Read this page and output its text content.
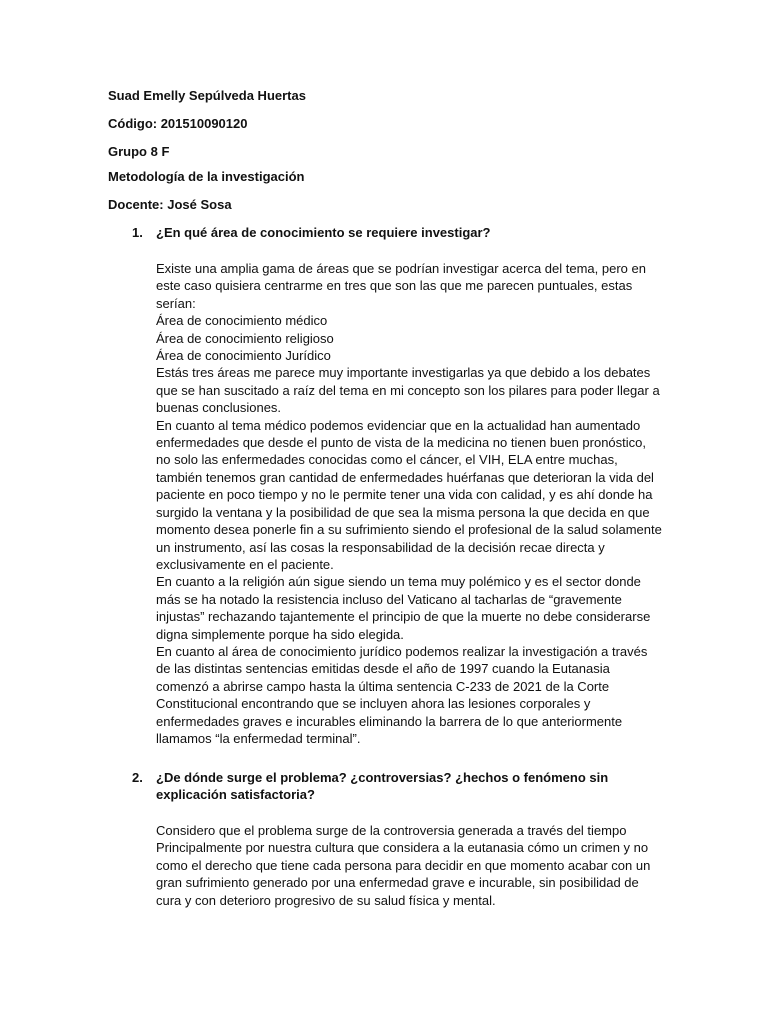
Suad Emelly Sepúlveda Huertas
Código: 201510090120
Grupo 8 F
Metodología de la investigación
Docente: José Sosa
1. ¿En qué área de conocimiento se requiere investigar?

Existe una amplia gama de áreas que se podrían investigar acerca del tema, pero en este caso quisiera centrarme en tres que son las que me parecen puntuales, estas serían:

Área de conocimiento médico

Área de conocimiento religioso

Área de conocimiento Jurídico

Estás tres áreas me parece muy importante investigarlas ya que debido a los debates que se han suscitado a raíz del tema en mi concepto son los pilares para poder llegar a buenas conclusiones.

En cuanto al tema médico podemos evidenciar que en la actualidad han aumentado enfermedades que desde el punto de vista de la medicina no tienen buen pronóstico, no solo las enfermedades conocidas como el cáncer, el VIH, ELA entre muchas, también tenemos gran cantidad de enfermedades huérfanas que deterioran la vida del paciente en poco tiempo y no le permite tener una vida con calidad, y es ahí donde ha surgido la ventana y la posibilidad de que sea la misma persona la que decida en que momento desea ponerle fin a su sufrimiento siendo el profesional de la salud solamente un instrumento, así las cosas la responsabilidad de la decisión recae directa y exclusivamente en el paciente.

En cuanto a la religión aún sigue siendo un tema muy polémico y es el sector donde más se ha notado la resistencia incluso del Vaticano al tacharlas de “gravemente injustas” rechazando tajantemente el principio de que la muerte no debe considerarse digna simplemente porque ha sido elegida.

En cuanto al área de conocimiento jurídico podemos realizar la investigación a través de las distintas sentencias emitidas desde el año de 1997 cuando la Eutanasia comenzó a abrirse campo hasta la última sentencia C-233 de 2021 de la Corte Constitucional encontrando que se incluyen ahora las lesiones corporales y enfermedades graves e incurables eliminando la barrera de lo que anteriormente llamamos “la enfermedad terminal”.

2. ¿De dónde surge el problema? ¿controversias? ¿hechos o fenómeno sin explicación satisfactoria?

Considero que el problema surge de la controversia generada a través del tiempo Principalmente por nuestra cultura que considera a la eutanasia cómo un crimen y no como el derecho que tiene cada persona para decidir en que momento acabar con un gran sufrimiento generado por una enfermedad grave e incurable, sin posibilidad de cura y con deterioro progresivo de su salud física y mental.
